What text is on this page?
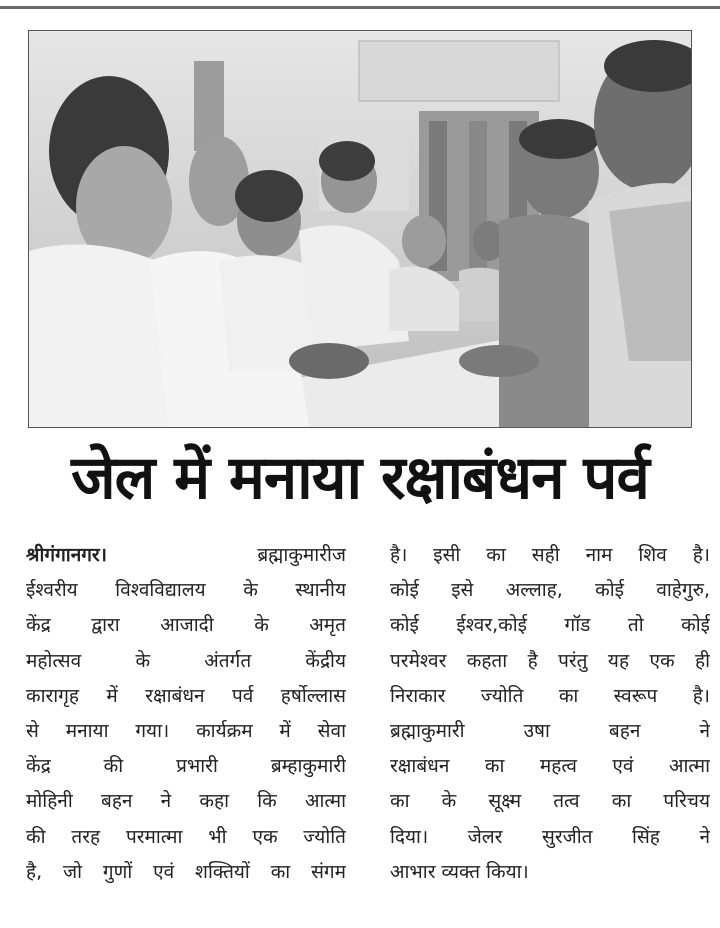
जेल में मनाया रक्षाबंधन पर्व
श्रीगंगानगर। ब्रह्माकुमारीज
ईश्वरीय विश्वविद्यालय के स्थानीय
केंद्र द्वारा आजादी के अमृत
महोत्सव के अंतर्गत केंद्रीय
कारागृह में रक्षाबंधन पर्व हर्षोल्लास
से मनाया गया। कार्यक्रम में सेवा
केंद्र की प्रभारी ब्रम्हाकुमारी
मोहिनी बहन ने कहा कि आत्मा
की तरह परमात्मा भी एक ज्योति
है, जो गुणों एवं शक्तियों का संगम
है। इसी का सही नाम शिव है।
कोई इसे अल्लाह, कोई वाहेगुरु,
कोई ईश्वर,कोई गॉड तो कोई
परमेश्वर कहता है परंतु यह एक ही
निराकार ज्योति का स्वरूप है।
ब्रह्माकुमारी उषा बहन ने
रक्षाबंधन का महत्व एवं आत्मा
का के सूक्ष्म तत्व का परिचय
दिया। जेलर सुरजीत सिंह ने
आभार व्यक्त किया।
